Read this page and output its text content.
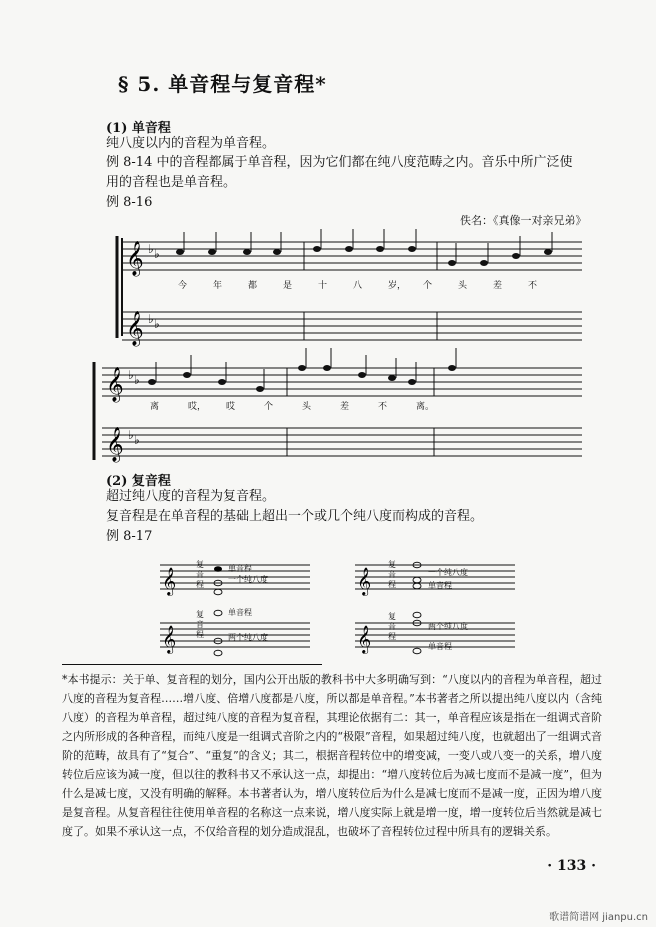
§ 5. 单音程与复音程*
(1) 单音程
纯八度以内的音程为单音程。
例 8-14 中的音程都属于单音程，因为它们都在纯八度范畴之内。音乐中所广泛使
用的音程也是单音程。
例 8-16
佚名：《真像一对亲兄弟》
𝄞
𝄞
♭ ♭
♭ ♭
𝄞
𝄞
♭ ♭
♭ ♭
今	年	都	是	十	八	岁， 个	头	差	不
离	哎， 哎	个	头	差	不	离。
(2) 复音程
超过纯八度的音程为复音程。
复音程是在单音程的基础上超出一个或几个纯八度而构成的音程。
例 8-17
𝄞	𝄞
𝄞	𝄞
复 音 程
单音程
一个纯八度
复 音 程
一个纯八度
单音程
复 音 程
单音程
两个纯八度
复 音 程
两个纯八度
单音程
*本书提示：关于单、复音程的划分，国内公开出版的教科书中大多明确写到：“八度以内的音程为单音程，超过八度的音程为复音程……增八度、倍增八度都是八度，所以都是单音程。”本书著者之所以提出纯八度以内（含纯八度）的音程为单音程，超过纯八度的音程为复音程，其理论依据有二：其一，单音程应该是指在一组调式音阶之内所形成的各种音程，而纯八度是一组调式音阶之内的“极限”音程，如果超过纯八度，也就超出了一组调式音阶的范畴，故具有了“复合”、“重复”的含义；其二，根据音程转位中的增变减，一变八或八变一的关系，增八度转位后应该为减一度，但以往的教科书又不承认这一点，却提出：“增八度转位后为减七度而不是减一度”，但为什么是减七度，又没有明确的解释。本书著者认为，增八度转位后为什么是减七度而不是减一度，正因为增八度是复音程。从复音程往往使用单音程的名称这一点来说，增八度实际上就是增一度，增一度转位后当然就是减七度了。如果不承认这一点，不仅给音程的划分造成混乱，也破坏了音程转位过程中所具有的逻辑关系。
· 133 ·
歌谱简谱网 jianpu.cn
